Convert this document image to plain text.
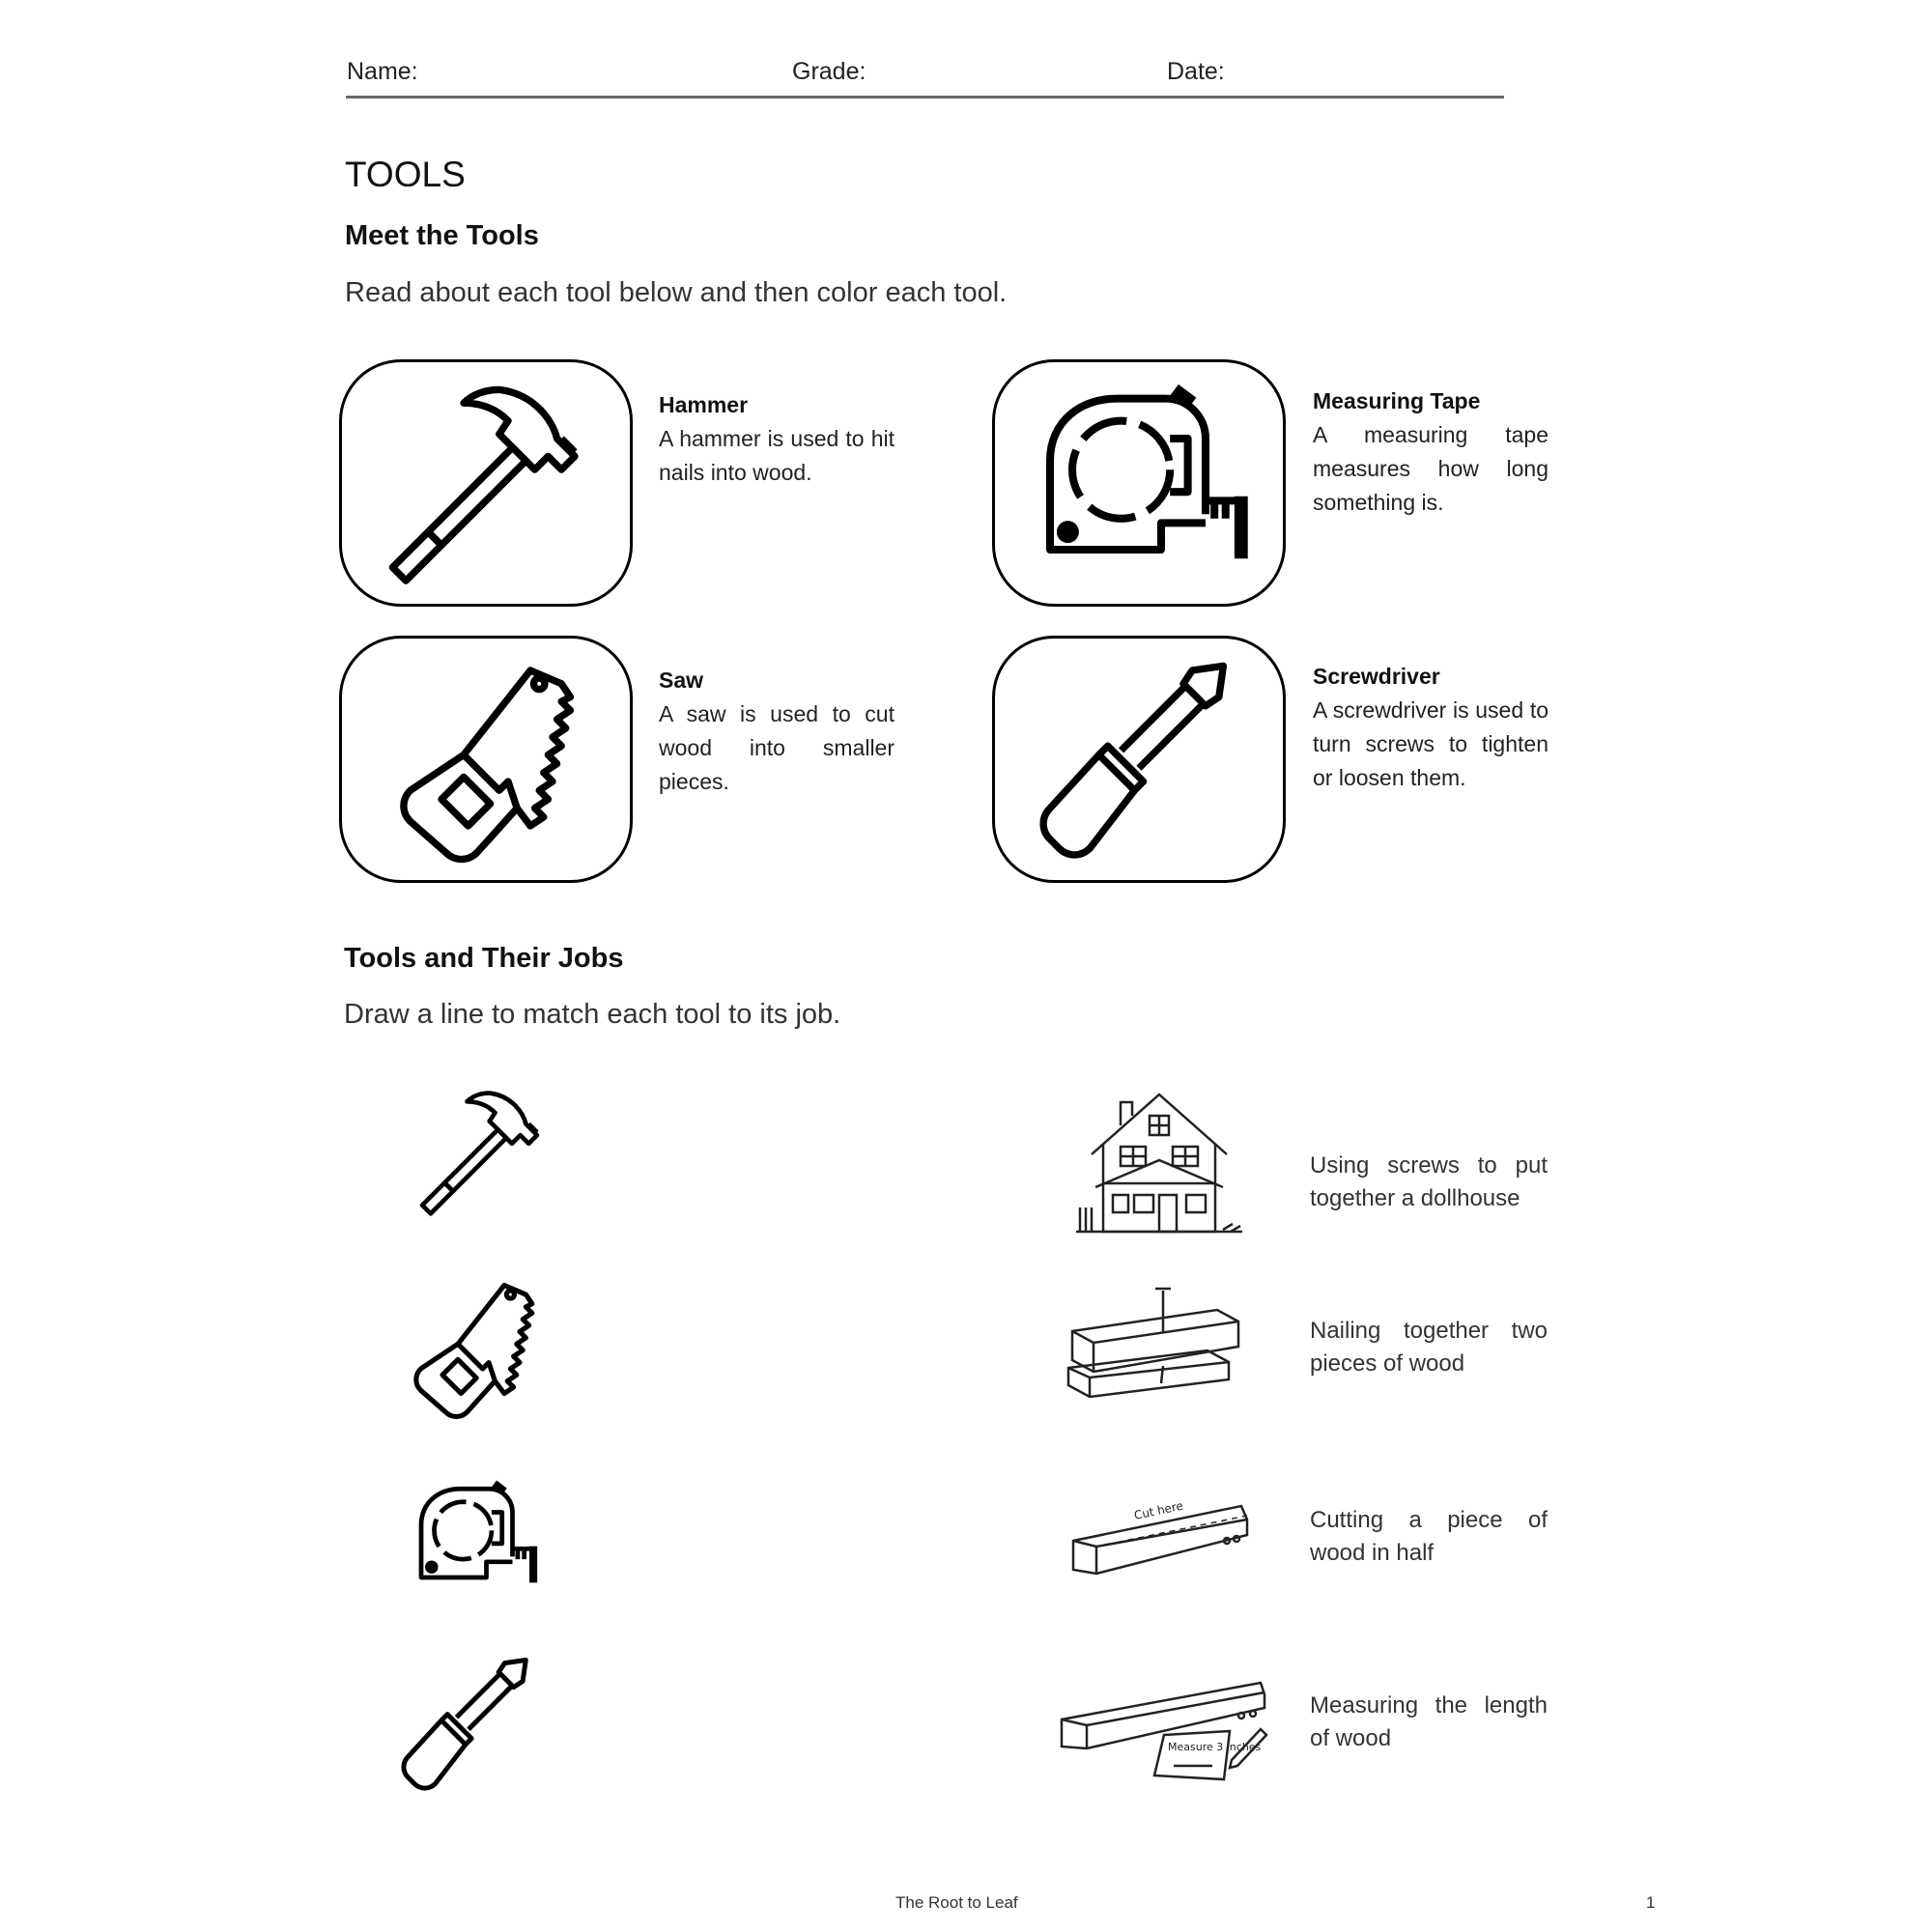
Name:	Grade:	Date:
TOOLS
Meet the Tools
Read about each tool below and then color each tool.
Hammer
A hammer is used to hit nails into wood.
Measuring Tape
A measuring tape measures how long something is.
Saw
A saw is used to cut wood into smaller pieces.
Screwdriver
A screwdriver is used to turn screws to tighten or loosen them.
Tools and Their Jobs
Draw a line to match each tool to its job.
Using screws to put together a dollhouse
Nailing together two pieces of wood
Cut here	Cutting a piece of wood in half
Measure 3 inches
Measuring the length of wood
The Root to Leaf	1
